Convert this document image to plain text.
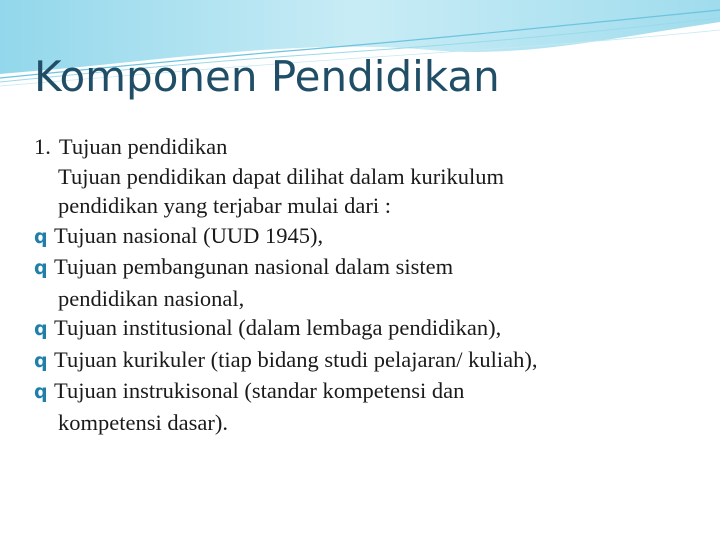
Komponen Pendidikan
1. Tujuan pendidikan
Tujuan pendidikan dapat dilihat dalam kurikulum
pendidikan yang terjabar mulai dari :
q Tujuan nasional (UUD 1945),
q Tujuan pembangunan nasional dalam sistem
pendidikan nasional,
q Tujuan institusional (dalam lembaga pendidikan),
q Tujuan kurikuler (tiap bidang studi pelajaran/ kuliah),
q Tujuan instrukisonal (standar kompetensi dan
kompetensi dasar).
